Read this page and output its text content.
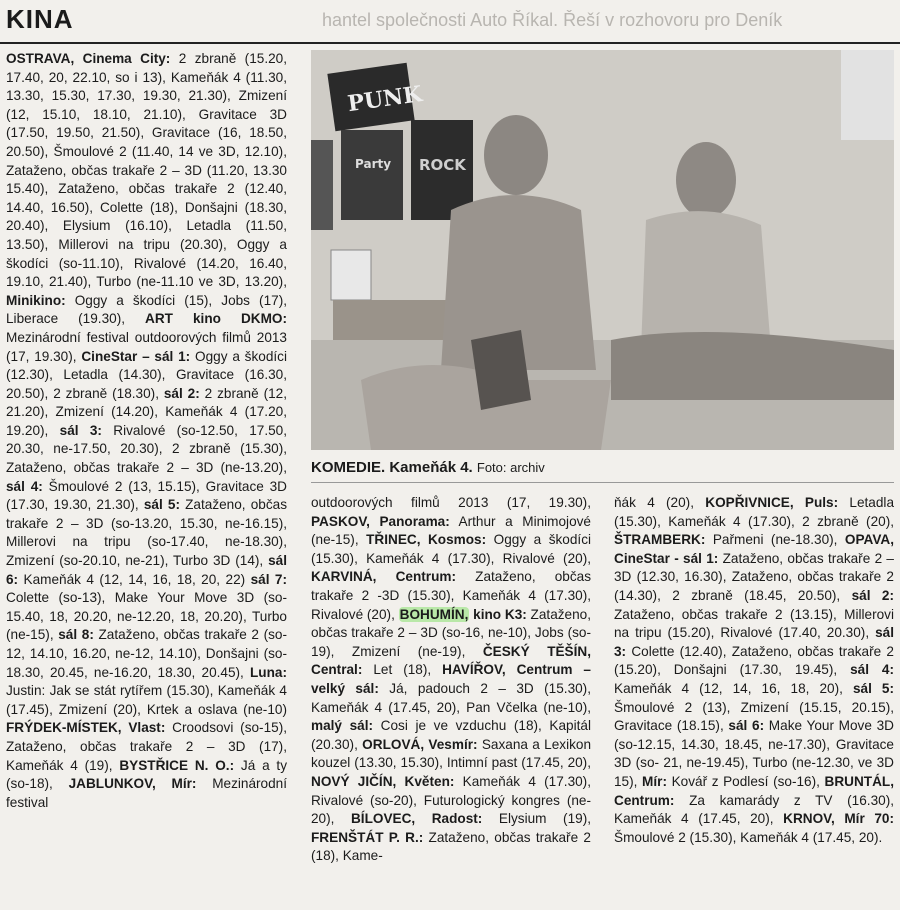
KINA	hantel společnosti Auto Říkal. Řeší v rozhovoru pro Deník
OSTRAVA, Cinema City: 2 zbraně (15.20, 17.40, 20, 22.10, so i 13), Kameňák 4 (11.30, 13.30, 15.30, 17.30, 19.30, 21.30), Zmizení (12, 15.10, 18.10, 21.10), Gravitace 3D (17.50, 19.50, 21.50), Gravitace (16, 18.50, 20.50), Šmoulové 2 (11.40, 14 ve 3D, 12.10), Zataženo, občas trakaře 2 – 3D (11.20, 13.30 15.40), Zataženo, občas trakaře 2 (12.40, 14.40, 16.50), Colette (18), Donšajni (18.30, 20.40), Elysium (16.10), Letadla (11.50, 13.50), Millerovi na tripu (20.30), Oggy a škodíci (so-11.10), Rivalové (14.20, 16.40, 19.10, 21.40), Turbo (ne-11.10 ve 3D, 13.20), Minikino: Oggy a škodíci (15), Jobs (17), Liberace (19.30), ART kino DKMO: Mezinárodní festival outdoorových filmů 2013 (17, 19.30), CineStar – sál 1: Oggy a škodíci (12.30), Letadla (14.30), Gravitace (16.30, 20.50), 2 zbraně (18.30), sál 2: 2 zbraně (12, 21.20), Zmizení (14.20), Kameňák 4 (17.20, 19.20), sál 3: Rivalové (so-12.50, 17.50, 20.30, ne-17.50, 20.30), 2 zbraně (15.30), Zataženo, občas trakaře 2 – 3D (ne-13.20), sál 4: Šmoulové 2 (13, 15.15), Gravitace 3D (17.30, 19.30, 21.30), sál 5: Zataženo, občas trakaře 2 – 3D (so-13.20, 15.30, ne-16.15), Millerovi na tripu (so-17.40, ne-18.30), Zmizení (so-20.10, ne-21), Turbo 3D (14), sál 6: Kameňák 4 (12, 14, 16, 18, 20, 22) sál 7: Colette (so-13), Make Your Move 3D (so-15.40, 18, 20.20, ne-12.20, 18, 20.20), Turbo (ne-15), sál 8: Zataženo, občas trakaře 2 (so-12, 14.10, 16.20, ne-12, 14.10), Donšajni (so- 18.30, 20.45, ne-16.20, 18.30, 20.45), Luna: Justin: Jak se stát rytířem (15.30), Kameňák 4 (17.45), Zmizení (20), Krtek a oslava (ne-10) FRÝDEK-MÍSTEK, Vlast: Croodsovi (so-15), Zataženo, občas trakaře 2 – 3D (17), Kameňák 4 (19), BYSTŘICE N. O.: Já a ty (so-18), JABLUNKOV, Mír: Mezinárodní festival
PUNK
Party ROCK
KOMEDIE. Kameňák 4. Foto: archiv
outdoorových filmů 2013 (17, 19.30), PASKOV, Panorama: Arthur a Minimojové (ne-15), TŘINEC, Kosmos: Oggy a škodíci (15.30), Kameňák 4 (17.30), Rivalové (20), KARVINÁ, Centrum: Zataženo, občas trakaře 2 -3D (15.30), Kameňák 4 (17.30), Rivalové (20), BOHUMÍN, kino K3: Zataženo, občas trakaře 2 – 3D (so-16, ne-10), Jobs (so-19), Zmizení (ne-19), ČESKÝ TĚŠÍN, Central: Let (18), HAVÍŘOV, Centrum – velký sál: Já, padouch 2 – 3D (15.30), Kameňák 4 (17.45, 20), Pan Včelka (ne-10), malý sál: Cosi je ve vzduchu (18), Kapitál (20.30), ORLOVÁ, Vesmír: Saxana a Lexikon kouzel (13.30, 15.30), Intimní past (17.45, 20), NOVÝ JIČÍN, Květen: Kameňák 4 (17.30), Rivalové (so-20), Futurologický kongres (ne-20), BÍLOVEC, Radost: Elysium (19), FRENŠTÁT P. R.: Zataženo, občas trakaře 2 (18), Kame-
ňák 4 (20), KOPŘIVNICE, Puls: Letadla (15.30), Kameňák 4 (17.30), 2 zbraně (20), ŠTRAMBERK: Pařmeni (ne-18.30), OPAVA, CineStar - sál 1: Zataženo, občas trakaře 2 – 3D (12.30, 16.30), Zataženo, občas trakaře 2 (14.30), 2 zbraně (18.45, 20.50), sál 2: Zataženo, občas trakaře 2 (13.15), Millerovi na tripu (15.20), Rivalové (17.40, 20.30), sál 3: Colette (12.40), Zataženo, občas trakaře 2 (15.20), Donšajni (17.30, 19.45), sál 4: Kameňák 4 (12, 14, 16, 18, 20), sál 5: Šmoulové 2 (13), Zmizení (15.15, 20.15), Gravitace (18.15), sál 6: Make Your Move 3D (so-12.15, 14.30, 18.45, ne-17.30), Gravitace 3D (so- 21, ne-19.45), Turbo (ne-12.30, ve 3D 15), Mír: Kovář z Podlesí (so-16), BRUNTÁL, Centrum: Za kamarády z TV (16.30), Kameňák 4 (17.45, 20), KRNOV, Mír 70: Šmoulové 2 (15.30), Kameňák 4 (17.45, 20).
